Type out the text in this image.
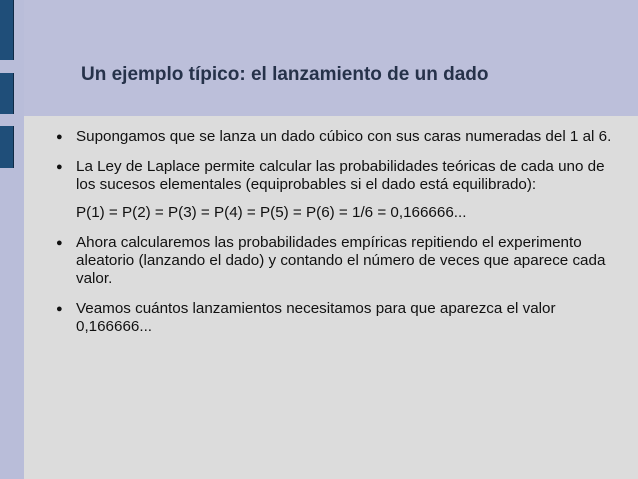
Un ejemplo típico: el lanzamiento de un dado
● Supongamos que se lanza un dado cúbico con sus caras numeradas del 1 al 6.
● La Ley de Laplace permite calcular las probabilidades teóricas de cada uno de los sucesos elementales (equiprobables si el dado está equilibrado):
P(1) = P(2) = P(3) = P(4) = P(5) = P(6) = 1/6 = 0,166666...
● Ahora calcularemos las probabilidades empíricas repitiendo el experimento aleatorio (lanzando el dado) y contando el número de veces que aparece cada valor.
● Veamos cuántos lanzamientos necesitamos para que aparezca el valor 0,166666...
